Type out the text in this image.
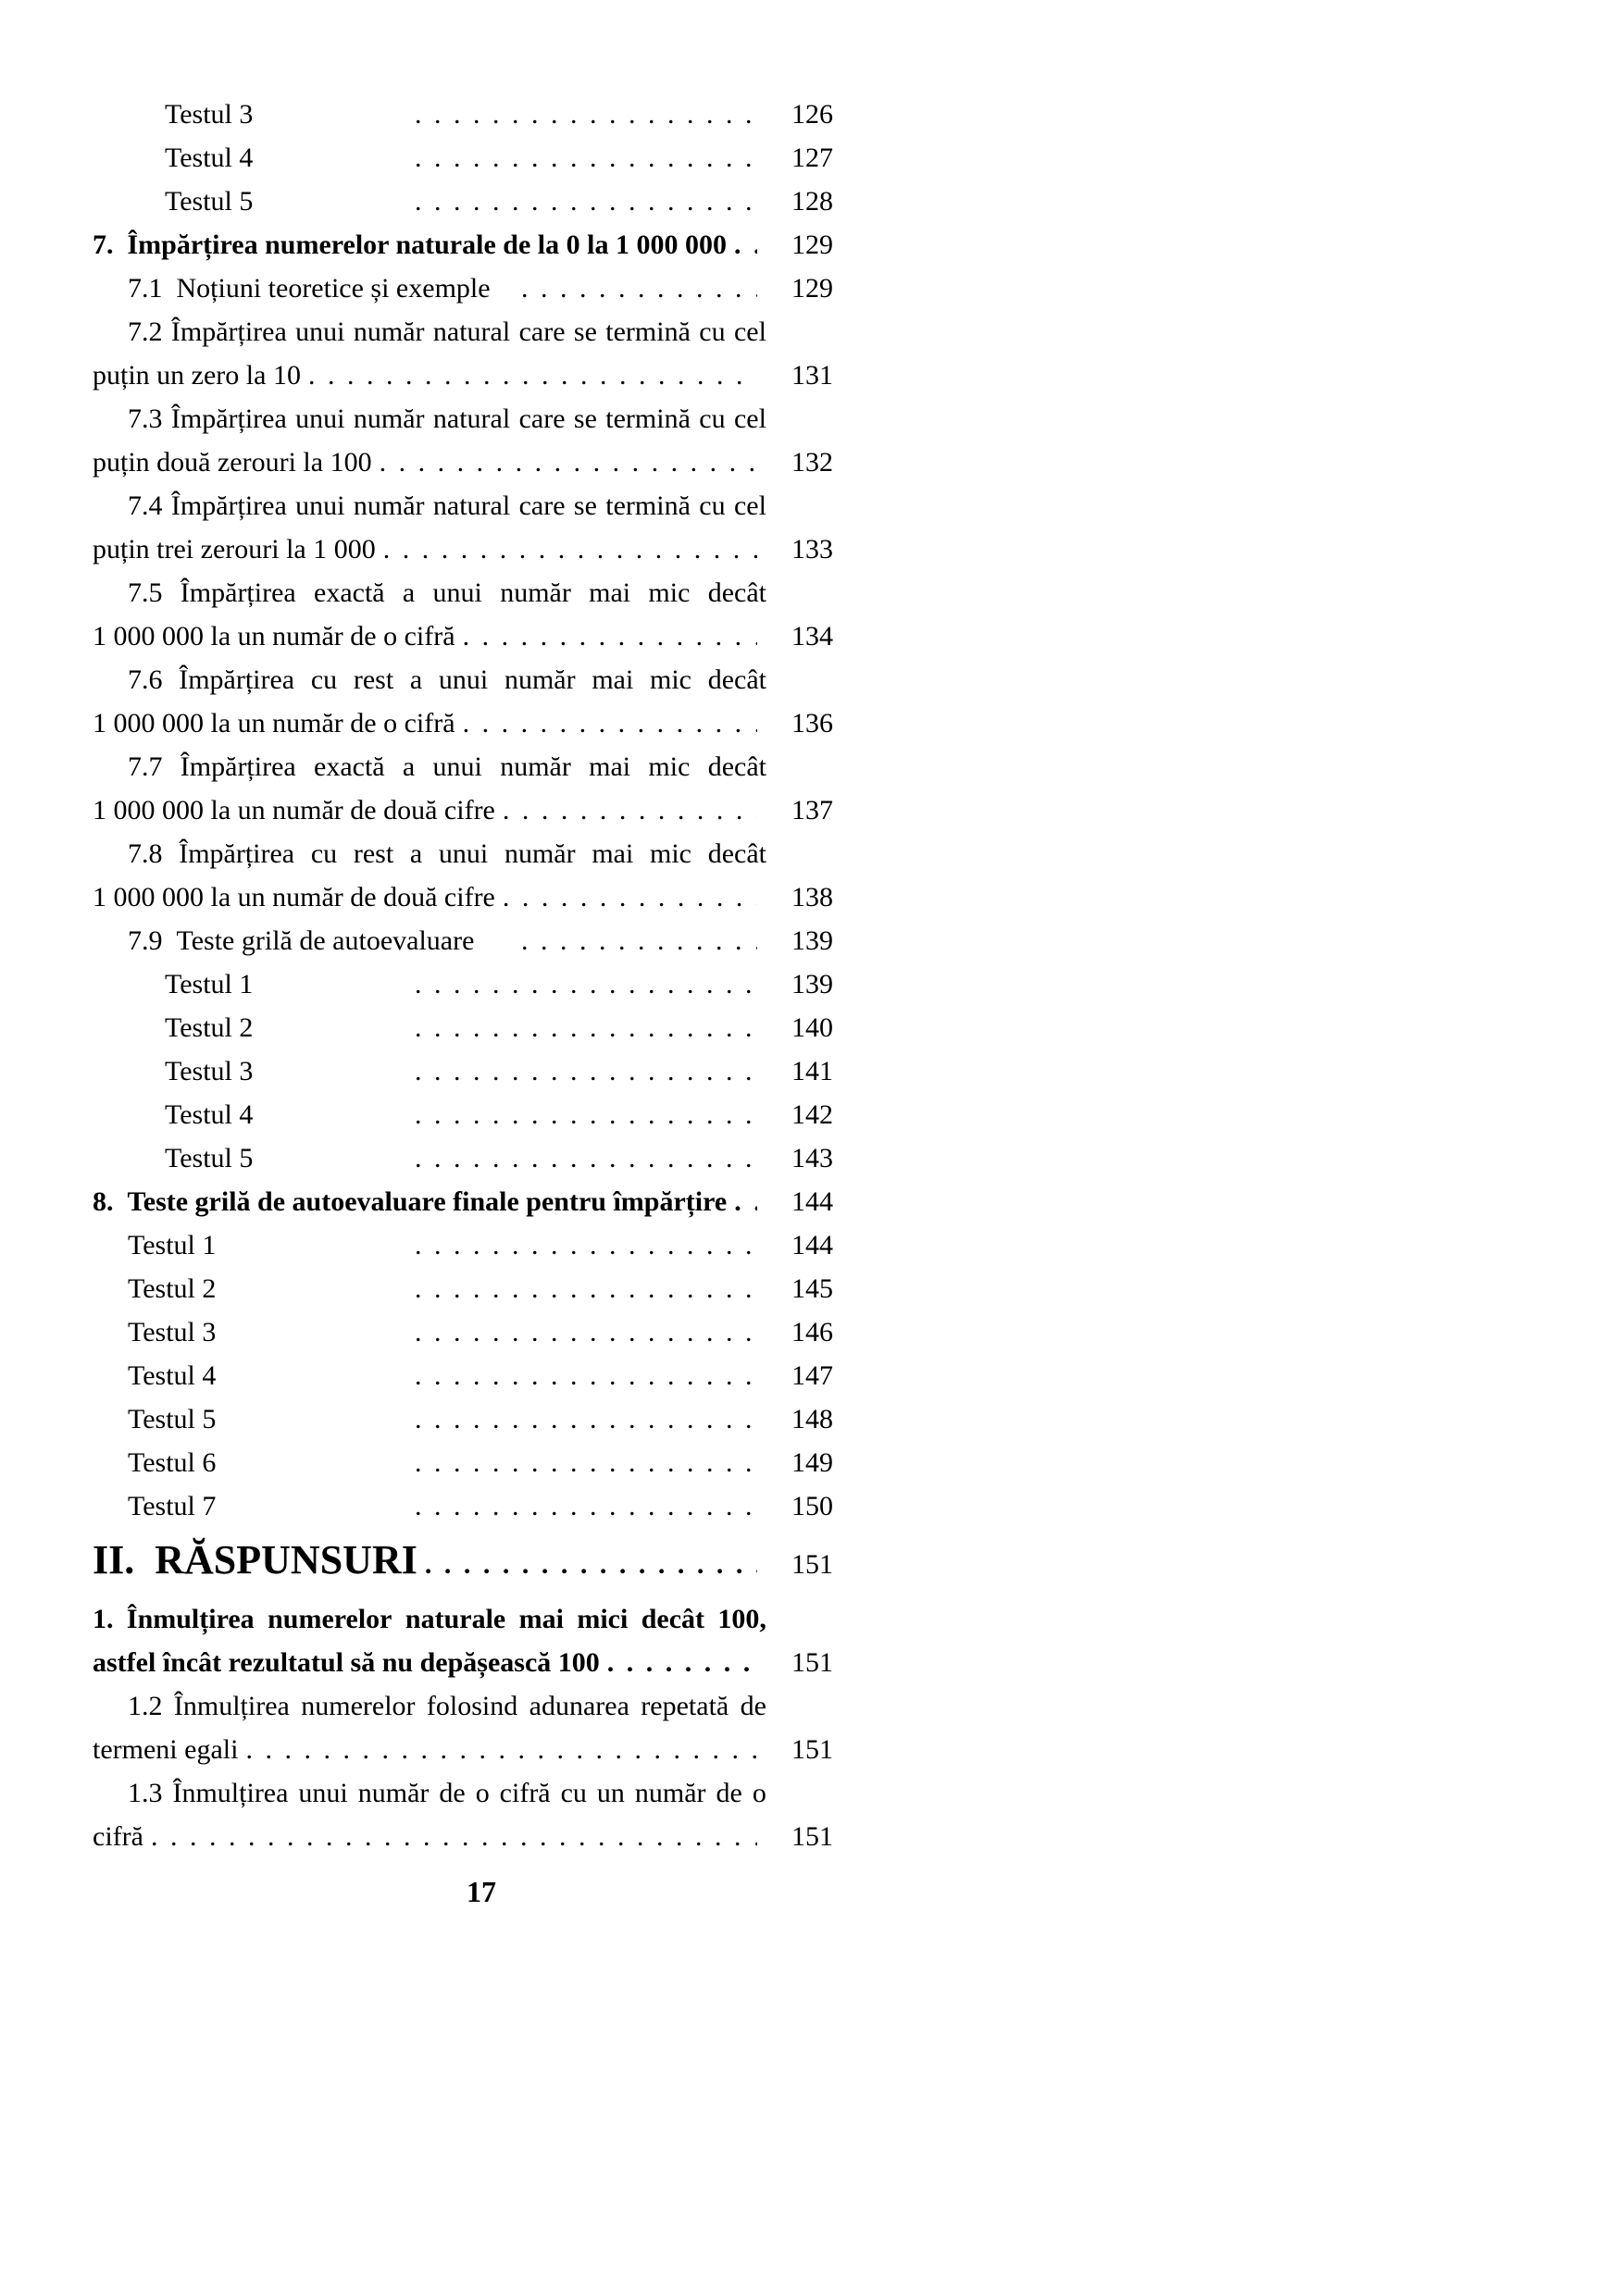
Testul 3 . . .	126
Testul 4 . . .	127
Testul 5 . . .	128
7.  Împărțirea numerelor naturale de la 0 la 1 000 000 . . .	129
7.1  Noțiuni teoretice și exemple . . .	129
7.2 Împărțirea unui număr natural care se termină cu cel
puțin un zero la 10 . . .	131
7.3 Împărțirea unui număr natural care se termină cu cel
puțin două zerouri la 100 . . .	132
7.4 Împărțirea unui număr natural care se termină cu cel
puțin trei zerouri la 1 000 . . .	133
7.5 Împărțirea exactă a unui număr mai mic decât
1 000 000 la un număr de o cifră . . .	134
7.6 Împărțirea cu rest a unui număr mai mic decât
1 000 000 la un număr de o cifră . . .	136
7.7 Împărțirea exactă a unui număr mai mic decât
1 000 000 la un număr de două cifre . . .	137
7.8 Împărțirea cu rest a unui număr mai mic decât
1 000 000 la un număr de două cifre . . .	138
7.9  Teste grilă de autoevaluare . . .	139
Testul 1 . . .	139
Testul 2 . . .	140
Testul 3 . . .	141
Testul 4 . . .	142
Testul 5 . . .	143
8.  Teste grilă de autoevaluare finale pentru împărțire . . .	144
Testul 1 . . .	144
Testul 2 . . .	145
Testul 3 . . .	146
Testul 4 . . .	147
Testul 5 . . .	148
Testul 6 . . .	149
Testul 7 . . .	150
II.  RĂSPUNSURI . . .	151
1. Înmulțirea numerelor naturale mai mici decât 100,
astfel încât rezultatul să nu depășească 100 . . .	151
1.2 Înmulțirea numerelor folosind adunarea repetată de
termeni egali . . .	151
1.3 Înmulțirea unui număr de o cifră cu un număr de o
cifră . . .	151
17
